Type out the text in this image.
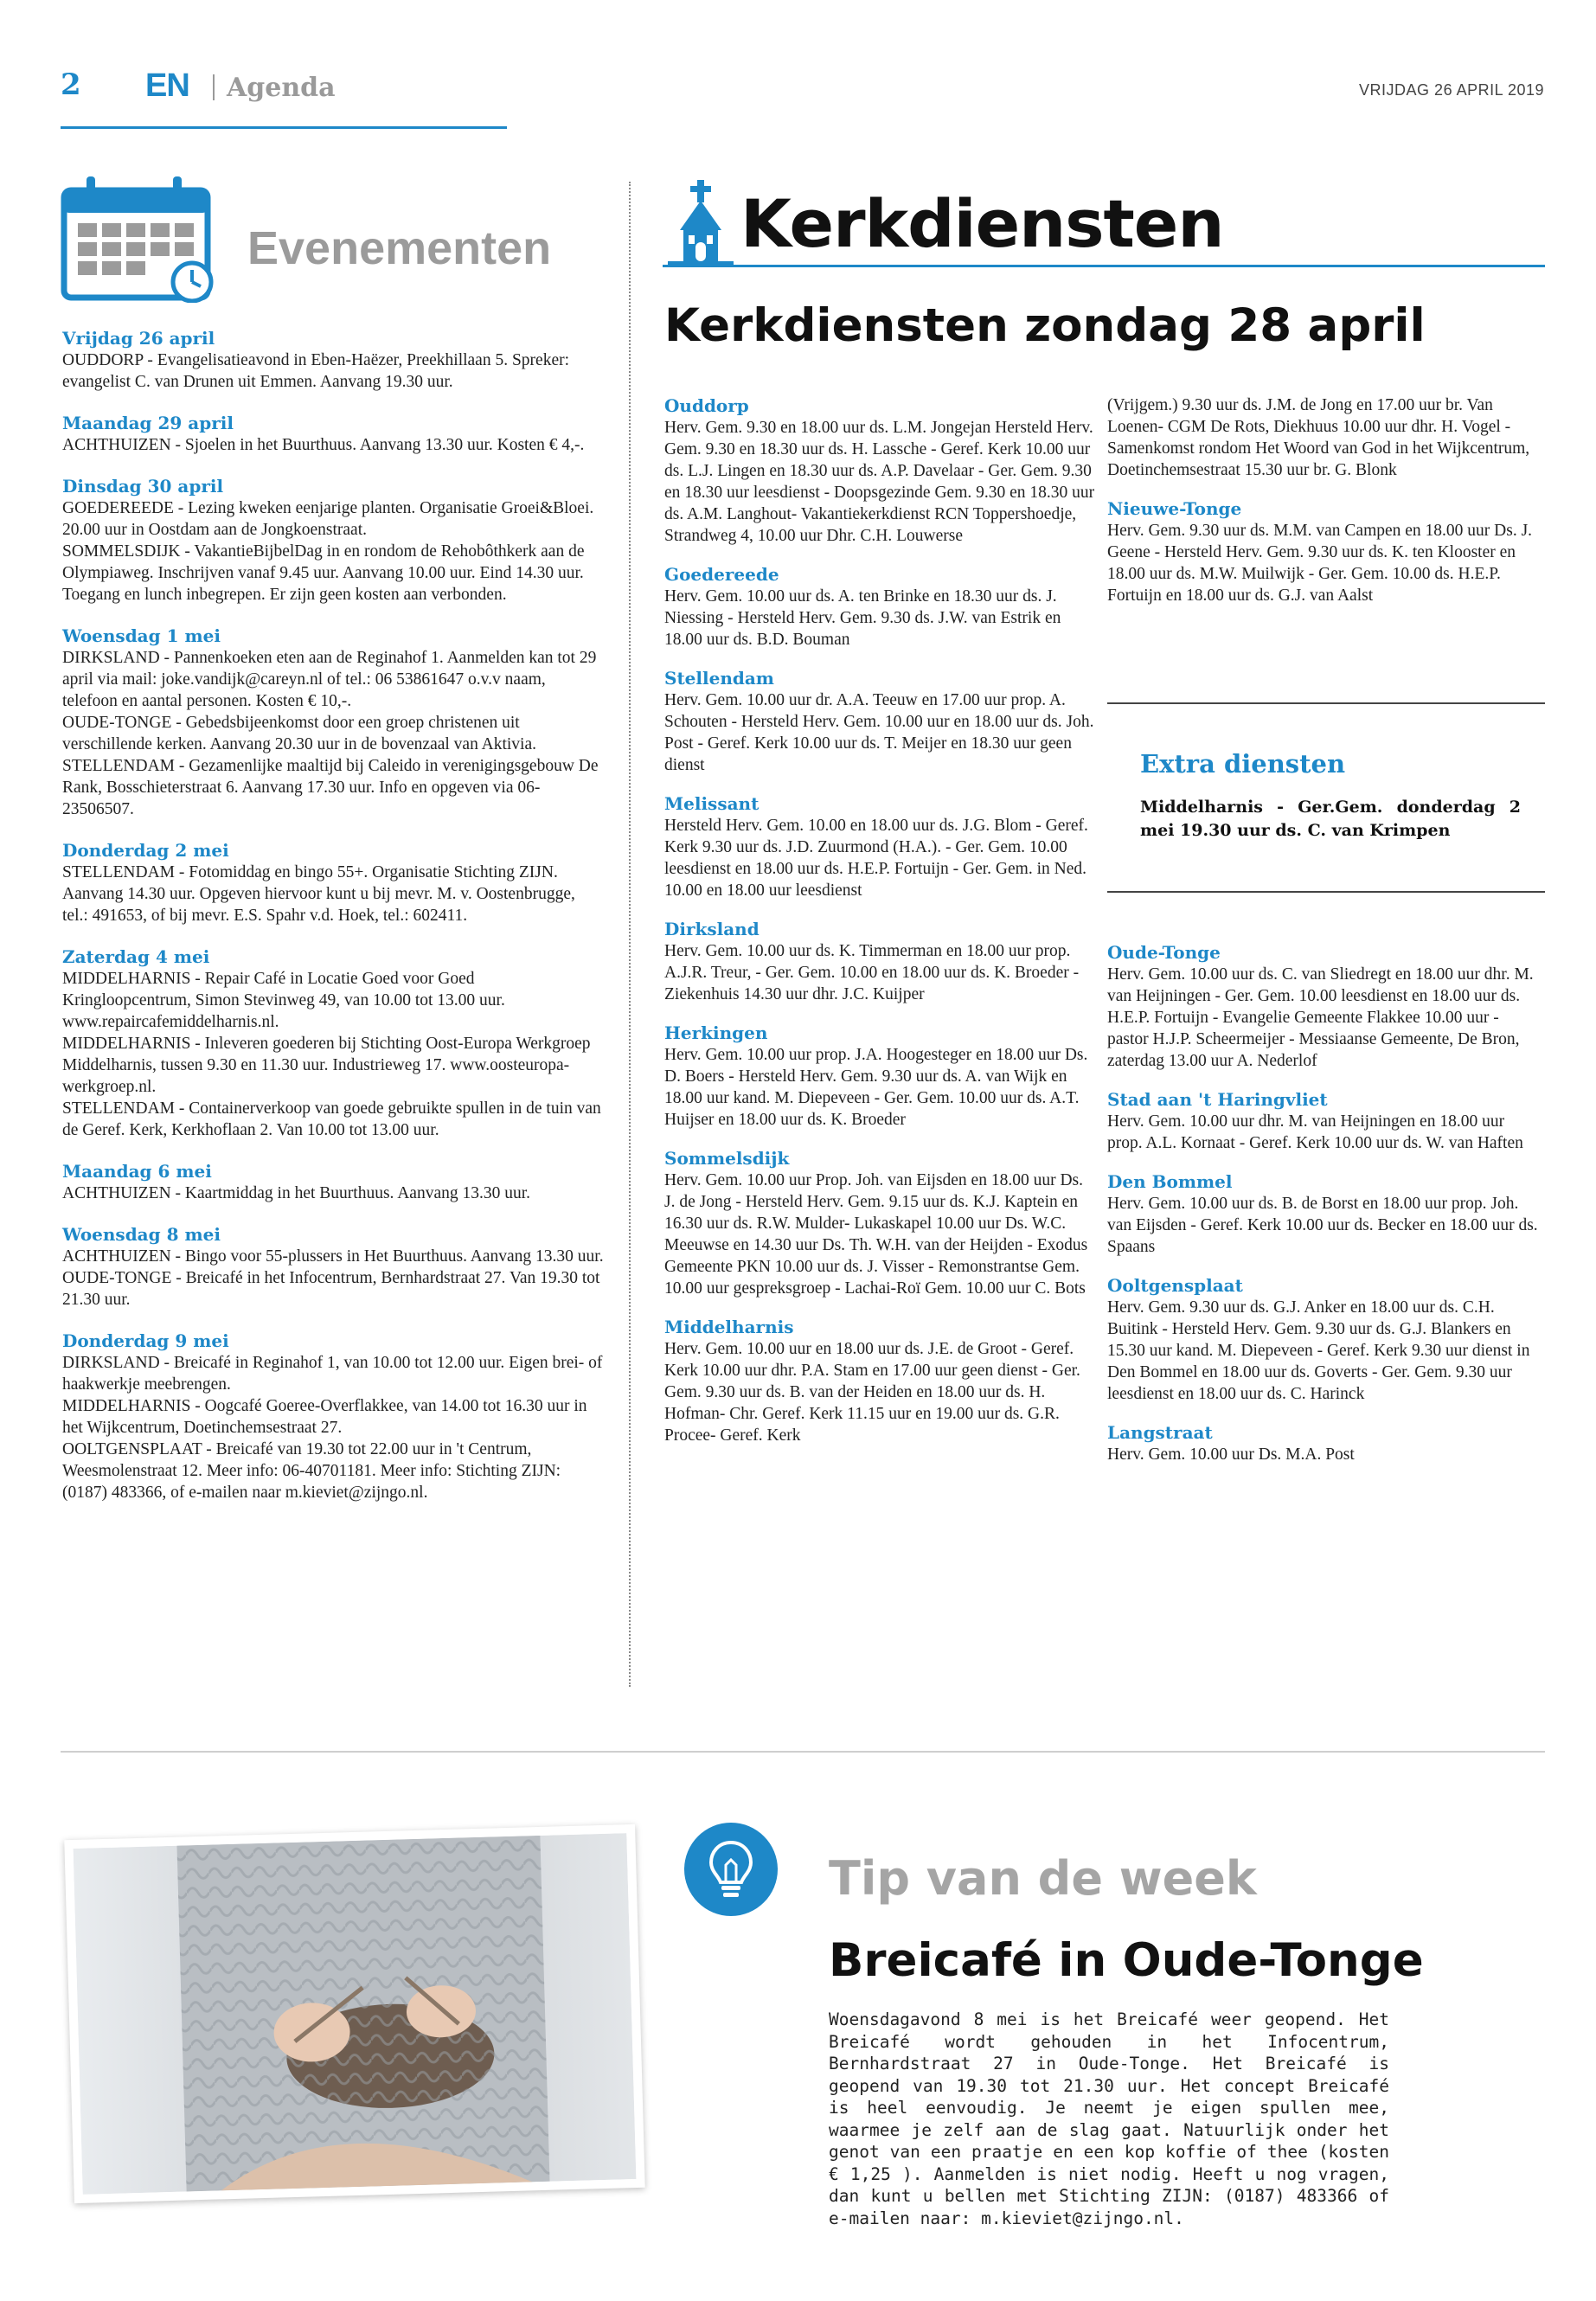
2 EN Agenda	VRIJDAG 26 APRIL 2019
Evenementen
Vrijdag 26 april
OUDDORP - Evangelisatieavond in Eben-Haëzer, Preekhillaan 5. Spreker: evangelist C. van Drunen uit Emmen. Aanvang 19.30 uur.
Maandag 29 april
ACHTHUIZEN - Sjoelen in het Buurthuus. Aanvang 13.30 uur. Kosten € 4,-.
Dinsdag 30 april
GOEDEREEDE - Lezing kweken eenjarige planten. Organisatie Groei&Bloei. 20.00 uur in Oostdam aan de Jongkoenstraat.
SOMMELSDIJK - VakantieBijbelDag in en rondom de Rehobôthkerk aan de Olympiaweg. Inschrijven vanaf 9.45 uur. Aanvang 10.00 uur. Eind 14.30 uur. Toegang en lunch inbegrepen. Er zijn geen kosten aan verbonden.
Woensdag 1 mei
DIRKSLAND - Pannenkoeken eten aan de Reginahof 1. Aanmelden kan tot 29 april via mail: joke.vandijk@careyn.nl of tel.: 06 53861647 o.v.v naam, telefoon en aantal personen. Kosten € 10,-.
OUDE-TONGE - Gebedsbijeenkomst door een groep christenen uit verschillende kerken. Aanvang 20.30 uur in de bovenzaal van Aktivia.
STELLENDAM - Gezamenlijke maaltijd bij Caleido in verenigingsgebouw De Rank, Bosschieterstraat 6. Aanvang 17.30 uur. Info en opgeven via 06-23506507.
Donderdag 2 mei
STELLENDAM - Fotomiddag en bingo 55+. Organisatie Stichting ZIJN. Aanvang 14.30 uur. Opgeven hiervoor kunt u bij mevr. M. v. Oostenbrugge, tel.: 491653, of bij mevr. E.S. Spahr v.d. Hoek, tel.: 602411.
Zaterdag 4 mei
MIDDELHARNIS - Repair Café in Locatie Goed voor Goed Kringloopcentrum, Simon Stevinweg 49, van 10.00 tot 13.00 uur. www.repaircafemiddelharnis.nl.
MIDDELHARNIS - Inleveren goederen bij Stichting Oost-Europa Werkgroep Middelharnis, tussen 9.30 en 11.30 uur. Industrieweg 17. www.oosteuropa-werkgroep.nl.
STELLENDAM - Containerverkoop van goede gebruikte spullen in de tuin van de Geref. Kerk, Kerkhoflaan 2. Van 10.00 tot 13.00 uur.
Maandag 6 mei
ACHTHUIZEN - Kaartmiddag in het Buurthuus. Aanvang 13.30 uur.
Woensdag 8 mei
ACHTHUIZEN - Bingo voor 55-plussers in Het Buurthuus. Aanvang 13.30 uur.
OUDE-TONGE - Breicafé in het Infocentrum, Bernhardstraat 27. Van 19.30 tot 21.30 uur.
Donderdag 9 mei
DIRKSLAND - Breicafé in Reginahof 1, van 10.00 tot 12.00 uur. Eigen brei- of haakwerkje meebrengen.
MIDDELHARNIS - Oogcafé Goeree-Overflakkee, van 14.00 tot 16.30 uur in het Wijkcentrum, Doetinchemsestraat 27.
OOLTGENSPLAAT - Breicafé van 19.30 tot 22.00 uur in 't Centrum, Weesmolenstraat 12. Meer info: 06-40701181. Meer info: Stichting ZIJN: (0187) 483366, of e-mailen naar m.kieviet@zijngo.nl.
Kerkdiensten
Kerkdiensten zondag 28 april
Ouddorp
Herv. Gem. 9.30 en 18.00 uur ds. L.M. Jongejan Hersteld Herv. Gem. 9.30 en 18.30 uur ds. H. Lassche - Geref. Kerk 10.00 uur ds. L.J. Lingen en 18.30 uur ds. A.P. Davelaar - Ger. Gem. 9.30 en 18.30 uur leesdienst - Doopsgezinde Gem. 9.30 en 18.30 uur ds. A.M. Langhout- Vakantiekerkdienst RCN Toppershoedje, Strandweg 4, 10.00 uur Dhr. C.H. Louwerse
Goedereede
Herv. Gem. 10.00 uur ds. A. ten Brinke en 18.30 uur ds. J. Niessing - Hersteld Herv. Gem. 9.30 ds. J.W. van Estrik en 18.00 uur ds. B.D. Bouman
Stellendam
Herv. Gem. 10.00 uur dr. A.A. Teeuw en 17.00 uur prop. A. Schouten - Hersteld Herv. Gem. 10.00 uur en 18.00 uur ds. Joh. Post - Geref. Kerk 10.00 uur ds. T. Meijer en 18.30 uur geen dienst
Melissant
Hersteld Herv. Gem. 10.00 en 18.00 uur ds. J.G. Blom - Geref. Kerk 9.30 uur ds. J.D. Zuurmond (H.A.). - Ger. Gem. 10.00 leesdienst en 18.00 uur ds. H.E.P. Fortuijn - Ger. Gem. in Ned. 10.00 en 18.00 uur leesdienst
Dirksland
Herv. Gem. 10.00 uur ds. K. Timmerman en 18.00 uur prop. A.J.R. Treur, - Ger. Gem. 10.00 en 18.00 uur ds. K. Broeder - Ziekenhuis 14.30 uur dhr. J.C. Kuijper
Herkingen
Herv. Gem. 10.00 uur prop. J.A. Hoogesteger en 18.00 uur Ds. D. Boers - Hersteld Herv. Gem. 9.30 uur ds. A. van Wijk en 18.00 uur kand. M. Diepeveen - Ger. Gem. 10.00 uur ds. A.T. Huijser en 18.00 uur ds. K. Broeder
Sommelsdijk
Herv. Gem. 10.00 uur Prop. Joh. van Eijsden en 18.00 uur Ds. J. de Jong - Hersteld Herv. Gem. 9.15 uur ds. K.J. Kaptein en 16.30 uur ds. R.W. Mulder- Lukaskapel 10.00 uur Ds. W.C. Meeuwse en 14.30 uur Ds. Th. W.H. van der Heijden - Exodus Gemeente PKN 10.00 uur ds. J. Visser - Remonstrantse Gem. 10.00 uur gespreksgroep - Lachai-Roï Gem. 10.00 uur C. Bots
Middelharnis
Herv. Gem. 10.00 uur en 18.00 uur ds. J.E. de Groot - Geref. Kerk 10.00 uur dhr. P.A. Stam en 17.00 uur geen dienst - Ger. Gem. 9.30 uur ds. B. van der Heiden en 18.00 uur ds. H. Hofman- Chr. Geref. Kerk 11.15 uur en 19.00 uur ds. G.R. Procee- Geref. Kerk
(Vrijgem.) 9.30 uur ds. J.M. de Jong en 17.00 uur br. Van Loenen- CGM De Rots, Diekhuus 10.00 uur dhr. H. Vogel -Samenkomst rondom Het Woord van God in het Wijkcentrum, Doetinchemsestraat 15.30 uur br. G. Blonk
Nieuwe-Tonge
Herv. Gem. 9.30 uur ds. M.M. van Campen en 18.00 uur Ds. J. Geene - Hersteld Herv. Gem. 9.30 uur ds. K. ten Klooster en 18.00 uur ds. M.W. Muilwijk - Ger. Gem. 10.00 ds. H.E.P. Fortuijn en 18.00 uur ds. G.J. van Aalst
Extra diensten
Middelharnis - Ger.Gem. donderdag 2 mei 19.30 uur ds. C. van Krimpen
Oude-Tonge
Herv. Gem. 10.00 uur ds. C. van Sliedregt en 18.00 uur dhr. M. van Heijningen - Ger. Gem. 10.00 leesdienst en 18.00 uur ds. H.E.P. Fortuijn - Evangelie Gemeente Flakkee 10.00 uur - pastor H.J.P. Scheermeijer - Messiaanse Gemeente, De Bron, zaterdag 13.00 uur A. Nederlof
Stad aan 't Haringvliet
Herv. Gem. 10.00 uur dhr. M. van Heijningen en 18.00 uur prop. A.L. Kornaat - Geref. Kerk 10.00 uur ds. W. van Haften
Den Bommel
Herv. Gem. 10.00 uur ds. B. de Borst en 18.00 uur prop. Joh. van Eijsden - Geref. Kerk 10.00 uur ds. Becker en 18.00 uur ds. Spaans
Ooltgensplaat
Herv. Gem. 9.30 uur ds. G.J. Anker en 18.00 uur ds. C.H. Buitink - Hersteld Herv. Gem. 9.30 uur ds. G.J. Blankers en 15.30 uur kand. M. Diepeveen - Geref. Kerk 9.30 uur dienst in Den Bommel en 18.00 uur ds. Goverts - Ger. Gem. 9.30 uur leesdienst en 18.00 uur ds. C. Harinck
Langstraat
Herv. Gem. 10.00 uur Ds. M.A. Post
Tip van de week
Breicafé in Oude-Tonge
Woensdagavond 8 mei is het Breicafé weer geopend. Het Breicafé wordt gehouden in het Infocentrum, Bernhardstraat 27 in Oude-Tonge. Het Breicafé is geopend van 19.30 tot 21.30 uur. Het concept Breicafé is heel eenvoudig. Je neemt je eigen spullen mee, waarmee je zelf aan de slag gaat. Natuurlijk onder het genot van een praatje en een kop koffie of thee (kosten € 1,25 ). Aanmelden is niet nodig. Heeft u nog vragen, dan kunt u bellen met Stichting ZIJN: (0187) 483366 of e-mailen naar: m.kieviet@zijngo.nl.
